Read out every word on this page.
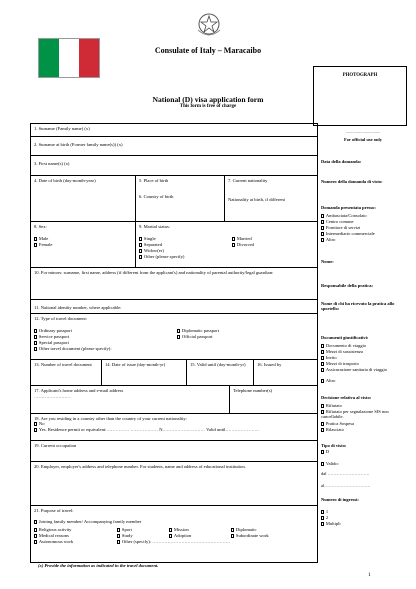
Consulate of Italy – Maracaibo
PHOTOGRAPH
National (D) visa application form
This form is free of charge
1. Surname (Family name) (x)
2. Surname at birth (Former family name(s)) (x)
3. First name(s) (x)
4. Date of birth (day-month-year)	5. Place of birth
6. Country of birth
7. Current nationality
Nationality at birth, if different
8. Sex:
Male
Female
9. Marital status:
Single
Separated
Widow(er)
Other (please specify)
Married
Divorced
10. For minors: surname, first name, address (if different from the applicant's) and nationality of parental authority/legal guardian:
11. National identity number, where applicable:
12. Type of travel document:
Ordinary passport
Service passport
Special passport
Other travel document (please specify):
Diplomatic passport
Official passport
13. Number of travel document	14. Date of issue (day-month-yr)	15. Valid until (day-month-yr)	16. Issued by
17. Applicant's home address and e-mail address
……………………
Telephone number(s)
18. Are you residing in a country other than the country of your current nationality:
No
Yes. Residence permit or equivalent:…………… ……………… N.……………………… Valid until………………….
19. Current occupation
20. Employer, employer's address and telephone number. For students, name and address of educational institution.
21. Purpose of travel:
Joining family member/ Accompanying family member
Religious activity
Medical reasons
Autonomous work
Sport
Study
Other (specify): ……………………………………………
Mission
Adoption
Diplomatic
Subordinate work
...............................
For official use only
Data della domanda:
Numero della domanda di visto:
Domanda presentata presso:
Ambasciata/Consolato
Centro comune
Fornitore di servizi
Intermediario commerciale
Altro
Nome:
Responsabile della pratica:
Nome di chi ha ricevuto la pratica allo sportello:
Documenti giustificativi:
Documento di viaggio
Mezzi di sussistenza
Invito
Mezzi di trasporto
Assicurazione sanitaria di viaggio
Altro
Decisione relativa al visto:
Rifiutato
Rifiutato per segnalazione SIS non cancellabile.
Pratica Sospesa
Rilasciato
Tipo di visto:
D
Valido:
dal ……………………….
al………………………….
Numero di ingressi:
1
2
Multipli
(x) Provide the information as indicated in the travel document.
1
